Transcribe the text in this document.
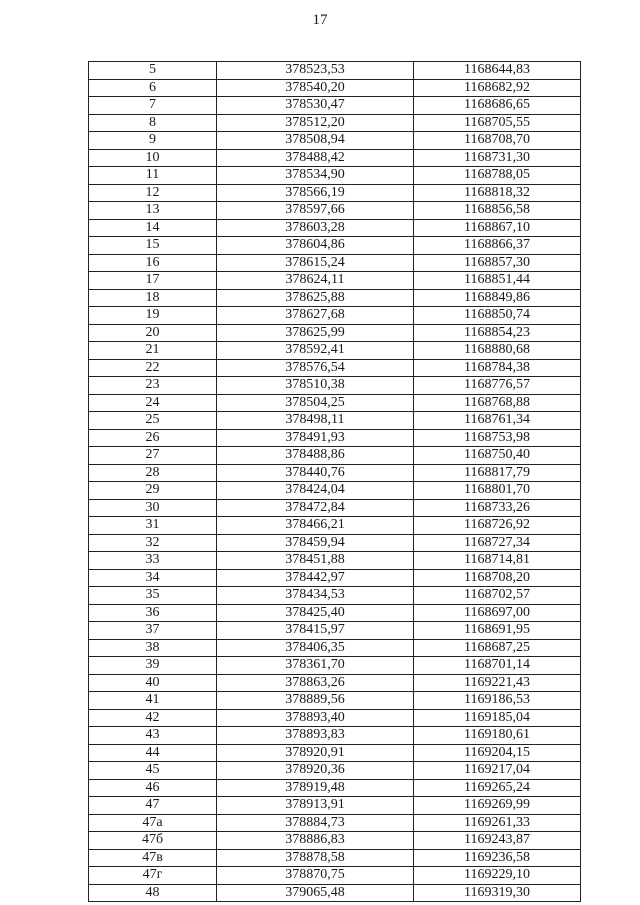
17
5	378523,53	1168644,83
6	378540,20	1168682,92
7	378530,47	1168686,65
8	378512,20	1168705,55
9	378508,94	1168708,70
10	378488,42	1168731,30
11	378534,90	1168788,05
12	378566,19	1168818,32
13	378597,66	1168856,58
14	378603,28	1168867,10
15	378604,86	1168866,37
16	378615,24	1168857,30
17	378624,11	1168851,44
18	378625,88	1168849,86
19	378627,68	1168850,74
20	378625,99	1168854,23
21	378592,41	1168880,68
22	378576,54	1168784,38
23	378510,38	1168776,57
24	378504,25	1168768,88
25	378498,11	1168761,34
26	378491,93	1168753,98
27	378488,86	1168750,40
28	378440,76	1168817,79
29	378424,04	1168801,70
30	378472,84	1168733,26
31	378466,21	1168726,92
32	378459,94	1168727,34
33	378451,88	1168714,81
34	378442,97	1168708,20
35	378434,53	1168702,57
36	378425,40	1168697,00
37	378415,97	1168691,95
38	378406,35	1168687,25
39	378361,70	1168701,14
40	378863,26	1169221,43
41	378889,56	1169186,53
42	378893,40	1169185,04
43	378893,83	1169180,61
44	378920,91	1169204,15
45	378920,36	1169217,04
46	378919,48	1169265,24
47	378913,91	1169269,99
47а	378884,73	1169261,33
47б	378886,83	1169243,87
47в	378878,58	1169236,58
47г	378870,75	1169229,10
48	379065,48	1169319,30
